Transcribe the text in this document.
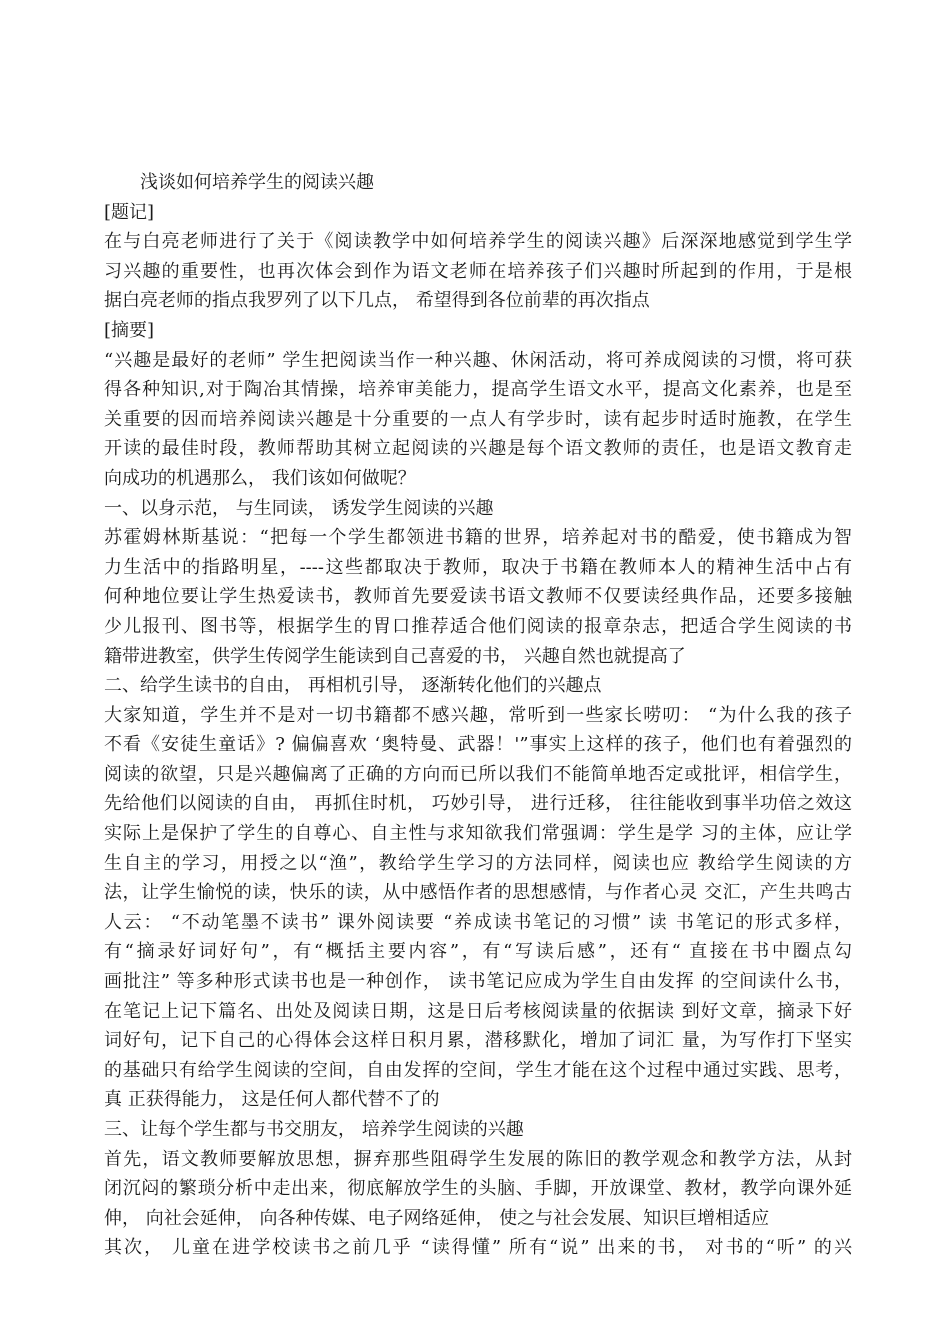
浅谈如何培养学生的阅读兴趣
[题记]
在与白亮老师进行了关于《阅读教学中如何培养学生的阅读兴趣》后深深地感觉到学生学
习兴趣的重要性，也再次体会到作为语文老师在培养孩子们兴趣时所起到的作用，于是根
据白亮老师的指点我罗列了以下几点， 希望得到各位前辈的再次指点
[摘要]
“兴趣是最好的老师” 学生把阅读当作一种兴趣、休闲活动，将可养成阅读的习惯，将可获
得各种知识,对于陶冶其情操，培养审美能力，提高学生语文水平，提高文化素养，也是至
关重要的因而培养阅读兴趣是十分重要的一点人有学步时，读有起步时适时施教，在学生
开读的最佳时段，教师帮助其树立起阅读的兴趣是每个语文教师的责任，也是语文教育走
向成功的机遇那么， 我们该如何做呢？
一、以身示范， 与生同读， 诱发学生阅读的兴趣
苏霍姆林斯基说：“把每一个学生都领进书籍的世界，培养起对书的酷爱，使书籍成为智
力生活中的指路明星，----这些都取决于教师，取决于书籍在教师本人的精神生活中占有
何种地位要让学生热爱读书，教师首先要爱读书语文教师不仅要读经典作品，还要多接触
少儿报刊、图书等，根据学生的胃口推荐适合他们阅读的报章杂志，把适合学生阅读的书
籍带进教室，供学生传阅学生能读到自己喜爱的书， 兴趣自然也就提高了
二、给学生读书的自由， 再相机引导， 逐渐转化他们的兴趣点
大家知道，学生并不是对一切书籍都不感兴趣，常听到一些家长唠叨： “为什么我的孩子
不看《安徒生童话》? 偏偏喜欢 ‘奥特曼、武器！'”事实上这样的孩子，他们也有着强烈的
阅读的欲望，只是兴趣偏离了正确的方向而已所以我们不能简单地否定或批评，相信学生，
先给他们以阅读的自由， 再抓住时机， 巧妙引导， 进行迁移， 往往能收到事半功倍之效这
实际上是保护了学生的自尊心、自主性与求知欲我们常强调：学生是学 习的主体，应让学
生自主的学习，用授之以“渔”，教给学生学习的方法同样，阅读也应 教给学生阅读的方
法，让学生愉悦的读，快乐的读，从中感悟作者的思想感情，与作者心灵 交汇，产生共鸣古
人云： “不动笔墨不读书” 课外阅读要 “养成读书笔记的习惯” 读 书笔记的形式多样，
有“摘录好词好句”，有“概括主要内容”，有“写读后感”，还有“ 直接在书中圈点勾
画批注” 等多种形式读书也是一种创作， 读书笔记应成为学生自由发挥 的空间读什么书，
在笔记上记下篇名、出处及阅读日期，这是日后考核阅读量的依据读 到好文章，摘录下好
词好句，记下自己的心得体会这样日积月累，潜移默化，增加了词汇 量，为写作打下坚实
的基础只有给学生阅读的空间，自由发挥的空间，学生才能在这个过程中通过实践、思考，
真 正获得能力， 这是任何人都代替不了的
三、让每个学生都与书交朋友， 培养学生阅读的兴趣
首先，语文教师要解放思想，摒弃那些阻碍学生发展的陈旧的教学观念和教学方法，从封
闭沉闷的繁琐分析中走出来，彻底解放学生的头脑、手脚，开放课堂、教材，教学向课外延
伸， 向社会延伸， 向各种传媒、电子网络延伸， 使之与社会发展、知识巨增相适应
其次， 儿童在进学校读书之前几乎 “读得懂” 所有“说” 出来的书， 对书的“听” 的兴
